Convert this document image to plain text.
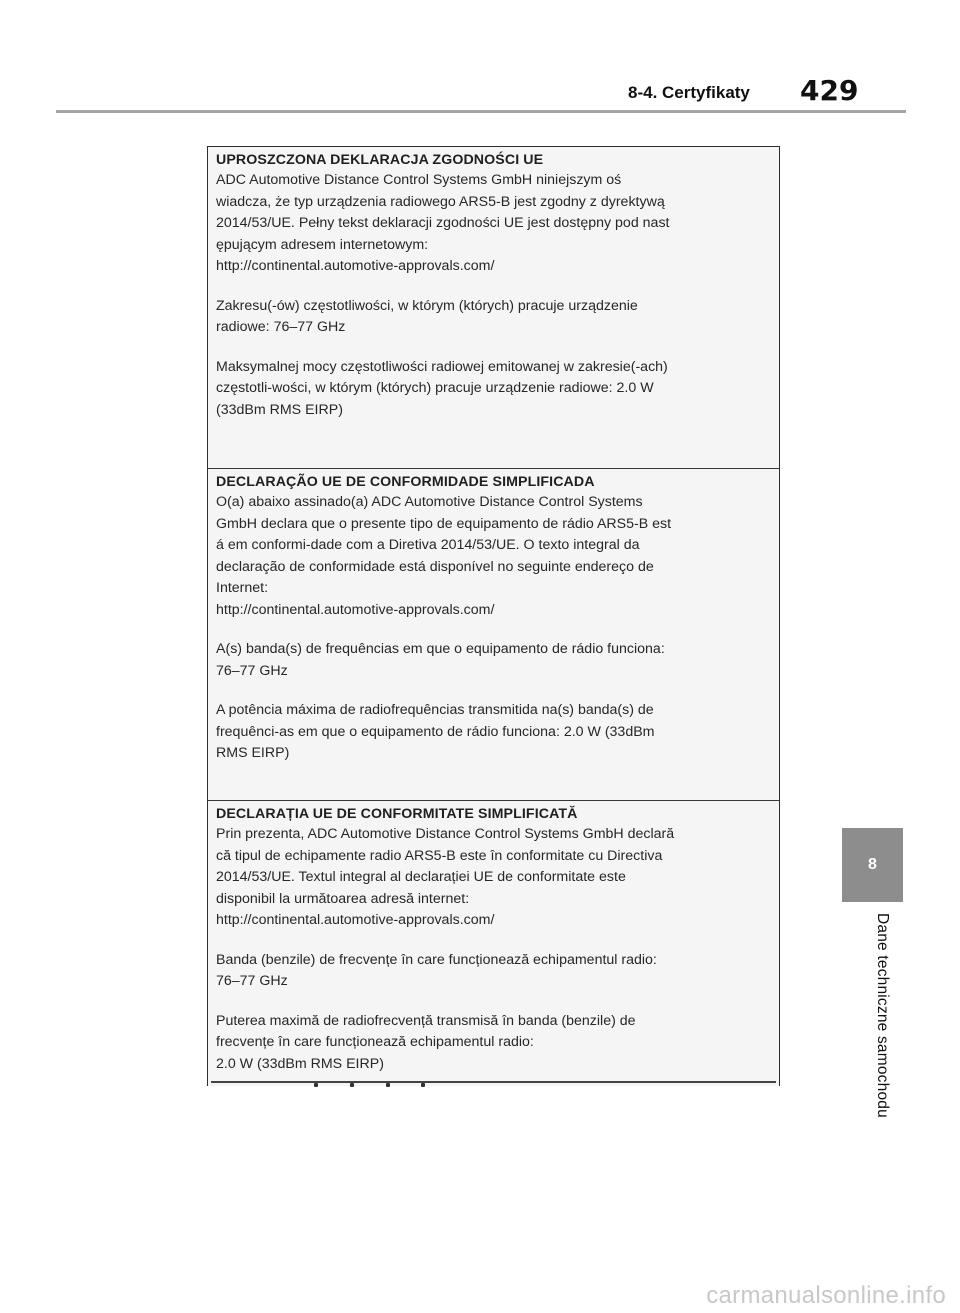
8-4. Certyfikaty 429

UPROSZCZONA DEKLARACJA ZGODNOŚCI UE

ADC Automotive Distance Control Systems GmbH niniejszym oś
wiadcza, że typ urządzenia radiowego ARS5-B jest zgodny z dyrektywą
2014/53/UE. Pełny tekst deklaracji zgodności UE jest dostępny pod nast
ępującym adresem internetowym:
http://continental.automotive-approvals.com/

Zakresu(-ów) częstotliwości, w którym (których) pracuje urządzenie
radiowe: 76–77 GHz

Maksymalnej mocy częstotliwości radiowej emitowanej w zakresie(-ach)
częstotli-wości, w którym (których) pracuje urządzenie radiowe: 2.0 W
(33dBm RMS EIRP)

DECLARAÇÃO UE DE CONFORMIDADE SIMPLIFICADA

O(a) abaixo assinado(a) ADC Automotive Distance Control Systems
GmbH declara que o presente tipo de equipamento de rádio ARS5-B est
á em conformi-dade com a Diretiva 2014/53/UE. O texto integral da
declaração de conformidade está disponível no seguinte endereço de
Internet:
http://continental.automotive-approvals.com/

A(s) banda(s) de frequências em que o equipamento de rádio funciona:
76–77 GHz

A potência máxima de radiofrequências transmitida na(s) banda(s) de
frequênci-as em que o equipamento de rádio funciona: 2.0 W (33dBm
RMS EIRP)

DECLARAȚIA UE DE CONFORMITATE SIMPLIFICATĂ

Prin prezenta, ADC Automotive Distance Control Systems GmbH declară
că tipul de echipamente radio ARS5-B este în conformitate cu Directiva
2014/53/UE. Textul integral al declarației UE de conformitate este
disponibil la următoarea adresă internet:
http://continental.automotive-approvals.com/

Banda (benzile) de frecvențe în care funcționează echipamentul radio:
76–77 GHz

Puterea maximă de radiofrecvență transmisă în banda (benzile) de
frecvențe în care funcționează echipamentul radio:
2.0 W (33dBm RMS EIRP)

8
Dane techniczne samochodu
carmanualsonline.info
